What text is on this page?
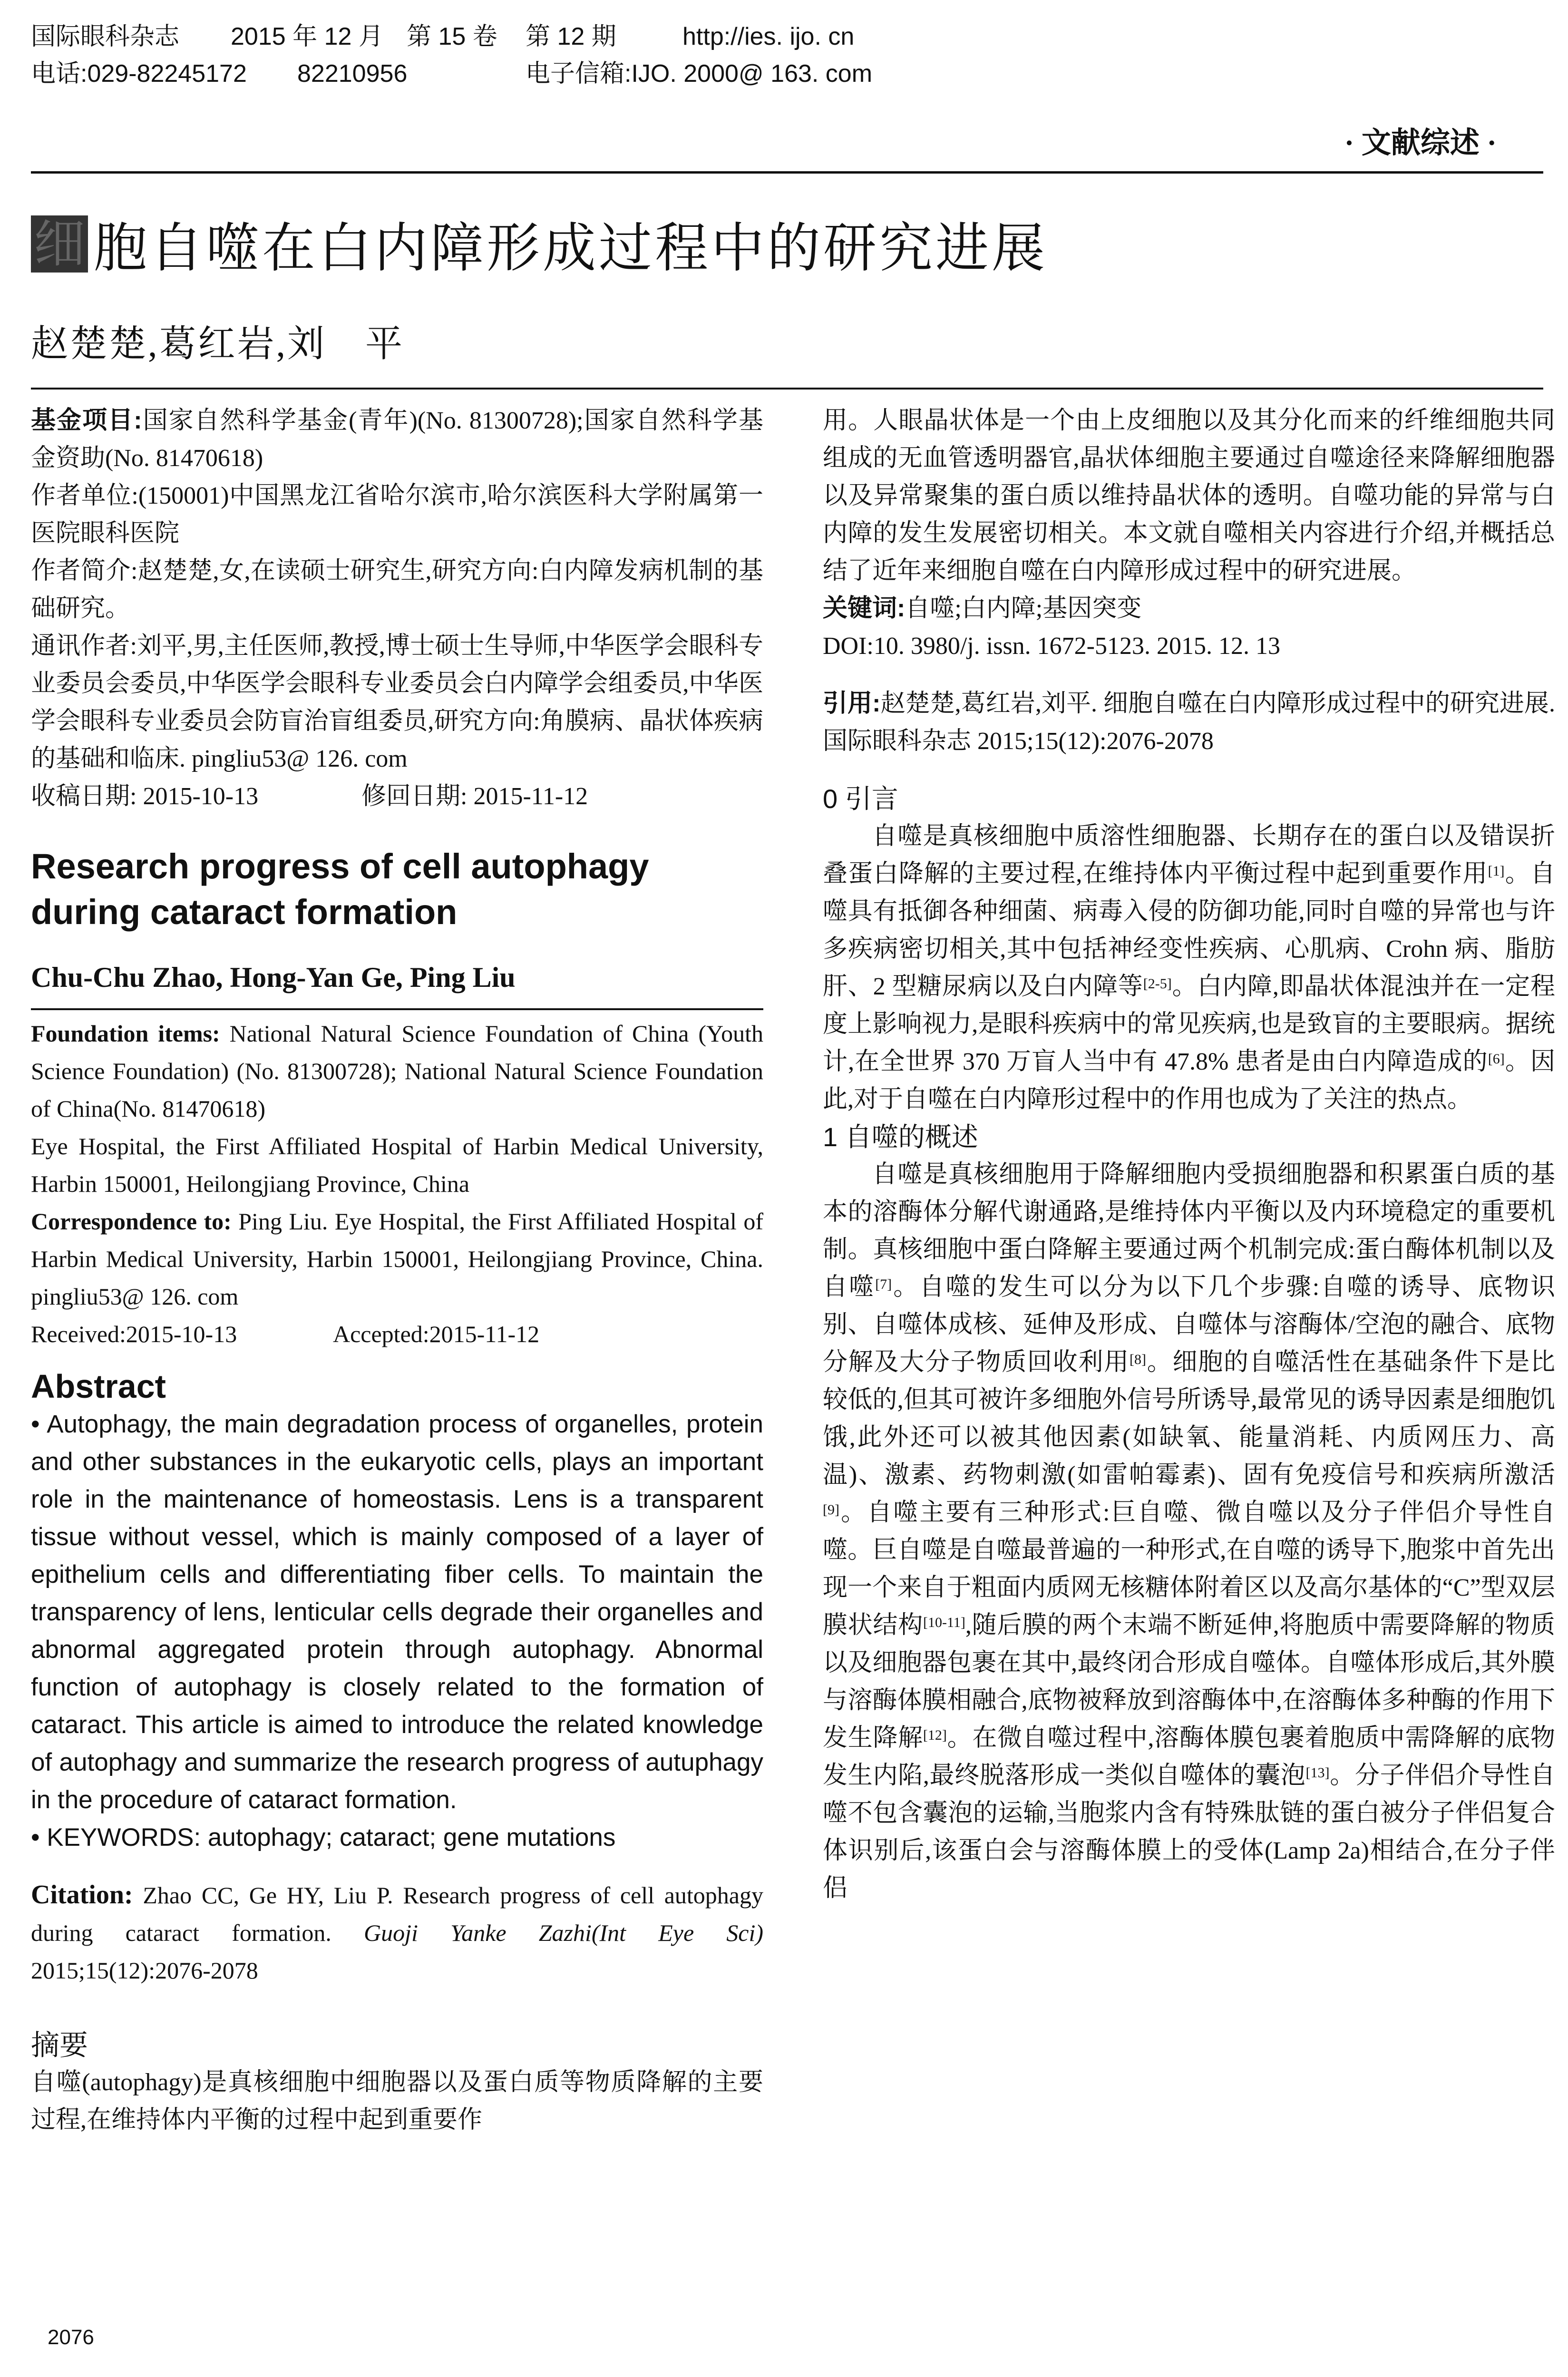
国际眼科杂志	2015 年 12 月 第 15 卷	第 12 期	http://ies. ijo. cn
电话:029-82245172	82210956	电子信箱:IJO. 2000@ 163. com
· 文献综述 ·
细 胞自噬在白内障形成过程中的研究进展
赵楚楚,葛红岩,刘　平

基金项目:国家自然科学基金(青年)(No. 81300728);国家自然科学基金资助(No. 81470618)

作者单位:(150001)中国黑龙江省哈尔滨市,哈尔滨医科大学附属第一医院眼科医院

作者简介:赵楚楚,女,在读硕士研究生,研究方向:白内障发病机制的基础研究。

通讯作者:刘平,男,主任医师,教授,博士硕士生导师,中华医学会眼科专业委员会委员,中华医学会眼科专业委员会白内障学会组委员,中华医学会眼科专业委员会防盲治盲组委员,研究方向:角膜病、晶状体疾病的基础和临床. pingliu53@ 126. com

收稿日期: 2015-10-13	修回日期: 2015-11-12

Research progress of cell autophagy during cataract formation

Chu-Chu Zhao, Hong-Yan Ge, Ping Liu

Foundation items: National Natural Science Foundation of China (Youth Science Foundation) (No. 81300728); National Natural Science Foundation of China(No. 81470618)

Eye Hospital, the First Affiliated Hospital of Harbin Medical University, Harbin 150001, Heilongjiang Province, China

Correspondence to: Ping Liu. Eye Hospital, the First Affiliated Hospital of Harbin Medical University, Harbin 150001, Heilongjiang Province, China. pingliu53@ 126. com

Received:2015-10-13	Accepted:2015-11-12

Abstract

• Autophagy, the main degradation process of organelles, protein and other substances in the eukaryotic cells, plays an important role in the maintenance of homeostasis. Lens is a transparent tissue without vessel, which is mainly composed of a layer of epithelium cells and differentiating fiber cells. To maintain the transparency of lens, lenticular cells degrade their organelles and abnormal aggregated protein through autophagy. Abnormal function of autophagy is closely related to the formation of cataract. This article is aimed to introduce the related knowledge of autophagy and summarize the research progress of autuphagy in the procedure of cataract formation.

• KEYWORDS: autophagy; cataract; gene mutations

Citation: Zhao CC, Ge HY, Liu P. Research progress of cell autophagy during cataract formation. Guoji Yanke Zazhi(Int Eye Sci) 2015;15(12):2076-2078

摘要

自噬(autophagy)是真核细胞中细胞器以及蛋白质等物质降解的主要过程,在维持体内平衡的过程中起到重要作

用。人眼晶状体是一个由上皮细胞以及其分化而来的纤维细胞共同组成的无血管透明器官,晶状体细胞主要通过自噬途径来降解细胞器以及异常聚集的蛋白质以维持晶状体的透明。自噬功能的异常与白内障的发生发展密切相关。本文就自噬相关内容进行介绍,并概括总结了近年来细胞自噬在白内障形成过程中的研究进展。

关键词:自噬;白内障;基因突变

DOI:10. 3980/j. issn. 1672-5123. 2015. 12. 13

引用:赵楚楚,葛红岩,刘平. 细胞自噬在白内障形成过程中的研究进展. 国际眼科杂志 2015;15(12):2076-2078

0 引言

自噬是真核细胞中质溶性细胞器、长期存在的蛋白以及错误折叠蛋白降解的主要过程,在维持体内平衡过程中起到重要作用[1]。自噬具有抵御各种细菌、病毒入侵的防御功能,同时自噬的异常也与许多疾病密切相关,其中包括神经变性疾病、心肌病、Crohn 病、脂肪肝、2 型糖尿病以及白内障等[2-5]。白内障,即晶状体混浊并在一定程度上影响视力,是眼科疾病中的常见疾病,也是致盲的主要眼病。据统计,在全世界 370 万盲人当中有 47.8% 患者是由白内障造成的[6]。因此,对于自噬在白内障形过程中的作用也成为了关注的热点。

1 自噬的概述

自噬是真核细胞用于降解细胞内受损细胞器和积累蛋白质的基本的溶酶体分解代谢通路,是维持体内平衡以及内环境稳定的重要机制。真核细胞中蛋白降解主要通过两个机制完成:蛋白酶体机制以及自噬[7]。自噬的发生可以分为以下几个步骤:自噬的诱导、底物识别、自噬体成核、延伸及形成、自噬体与溶酶体/空泡的融合、底物分解及大分子物质回收利用[8]。细胞的自噬活性在基础条件下是比较低的,但其可被许多细胞外信号所诱导,最常见的诱导因素是细胞饥饿,此外还可以被其他因素(如缺氧、能量消耗、内质网压力、高温)、激素、药物刺激(如雷帕霉素)、固有免疫信号和疾病所激活[9]。自噬主要有三种形式:巨自噬、微自噬以及分子伴侣介导性自噬。巨自噬是自噬最普遍的一种形式,在自噬的诱导下,胞浆中首先出现一个来自于粗面内质网无核糖体附着区以及高尔基体的“C”型双层膜状结构[10-11],随后膜的两个末端不断延伸,将胞质中需要降解的物质以及细胞器包裹在其中,最终闭合形成自噬体。自噬体形成后,其外膜与溶酶体膜相融合,底物被释放到溶酶体中,在溶酶体多种酶的作用下发生降解[12]。在微自噬过程中,溶酶体膜包裹着胞质中需降解的底物发生内陷,最终脱落形成一类似自噬体的囊泡[13]。分子伴侣介导性自噬不包含囊泡的运输,当胞浆内含有特殊肽链的蛋白被分子伴侣复合体识别后,该蛋白会与溶酶体膜上的受体(Lamp 2a)相结合,在分子伴侣

2076
